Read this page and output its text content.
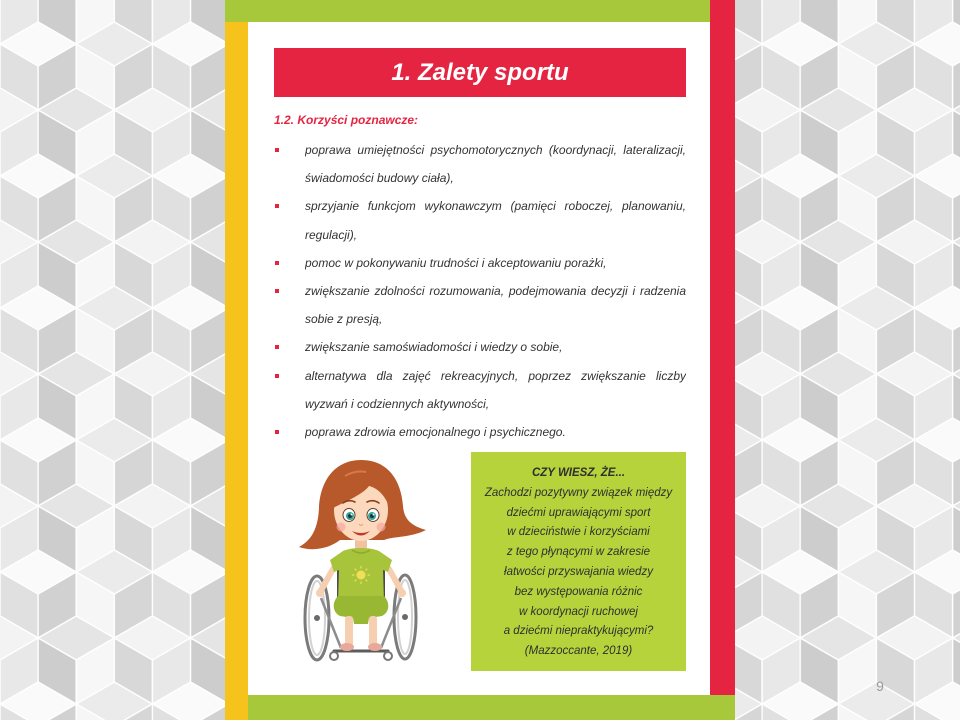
1. Zalety sportu
1.2. Korzyści poznawcze:
poprawa umiejętności psychomotorycznych (koordynacji, lateralizacji,
świadomości budowy ciała),
sprzyjanie funkcjom wykonawczym (pamięci roboczej, planowaniu,
regulacji),
pomoc w pokonywaniu trudności i akceptowaniu porażki,
zwiększanie zdolności rozumowania, podejmowania decyzji i radzenia
sobie z presją,
zwiększanie samoświadomości i wiedzy o sobie,
alternatywa dla zajęć rekreacyjnych, poprzez zwiększanie liczby
wyzwań i codziennych aktywności,
poprawa zdrowia emocjonalnego i psychicznego.
CZY WIESZ, ŻE...
Zachodzi pozytywny związek między
dziećmi uprawiającymi sport
w dzieciństwie i korzyściami
z tego płynącymi w zakresie
łatwości przyswajania wiedzy
bez występowania różnic
w koordynacji ruchowej
a dziećmi niepraktykującymi?
(Mazzoccante, 2019)
9
